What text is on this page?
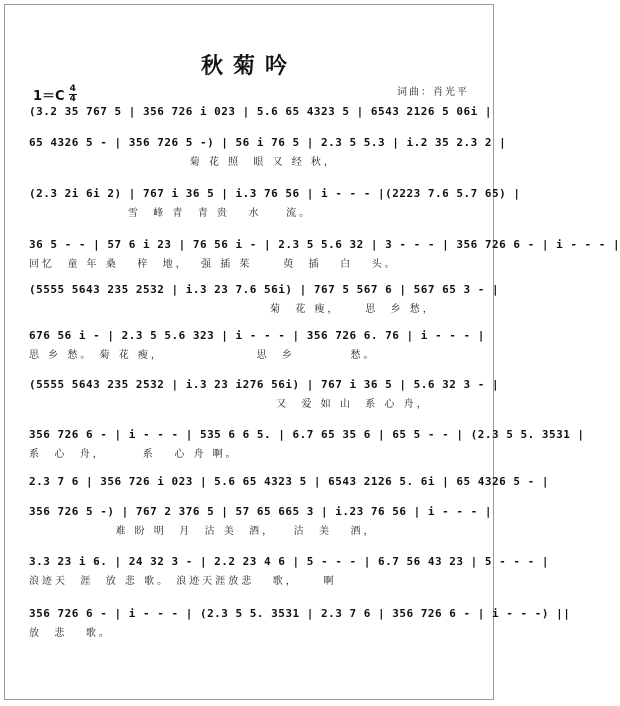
秋菊吟
1＝C 4
4
词曲：肖光平
(3.2 35 767 5 | 356 726 i 023 | 5.6 65 4323 5 | 6543 2126 5 06i |
65 4326 5 - | 356 726 5 -) | 56 i 76 5 | 2.3 5 5.3 | i.2 35 2.3 2 |
菊 花 照  眼 又 经 秋，
(2.3 2i 6i 2) | 767 i 36 5 | i.3 76 56 | i - - - |(2223 7.6 5.7 65) |
雪  峰 青  青 贵   水    流。
36 5 - - | 57 6 i 23 | 76 56 i - | 2.3 5 5.6 32 | 3 - - - | 356 726 6 - | i - - - |
回忆  童 年 桑   梓  地，  强 插 茱     萸  插   白   头。
(5555 5643 235 2532 | i.3 23 7.6 56i) | 767 5 567 6 | 567 65 3 - |
菊  花 瘦，    思  乡 愁，
676 56 i - | 2.3 5 5.6 323 | i - - - | 356 726 6. 76 | i - - - |
思 乡 愁。 菊 花 瘦，               思  乡         愁。
(5555 5643 235 2532 | i.3 23 i276 56i) | 767 i 36 5 | 5.6 32 3 - |
又  爱 如 山  系 心 舟，
356 726 6 - | i - - - | 535 6 6 5. | 6.7 65 35 6 | 65 5 - - | (2.3 5 5. 3531 |
系  心  舟，      系   心 舟 啊。
2.3 7 6 | 356 726 i 023 | 5.6 65 4323 5 | 6543 2126 5. 6i | 65 4326 5 - |
356 726 5 -) | 767 2 376 5 | 57 65 665 3 | i.23 76 56 | i - - - |
难 盼 明  月  沽 美  酒，   沽  美   酒，
3.3 23 i 6. | 24 32 3 - | 2.2 23 4 6 | 5 - - - | 6.7 56 43 23 | 5 - - - |
浪迹天  涯  放 悲 歌。 浪迹天涯放悲   歌，    啊
356 726 6 - | i - - - | (2.3 5 5. 3531 | 2.3 7 6 | 356 726 6 - | i - - -) ||
放  悲   歌。
